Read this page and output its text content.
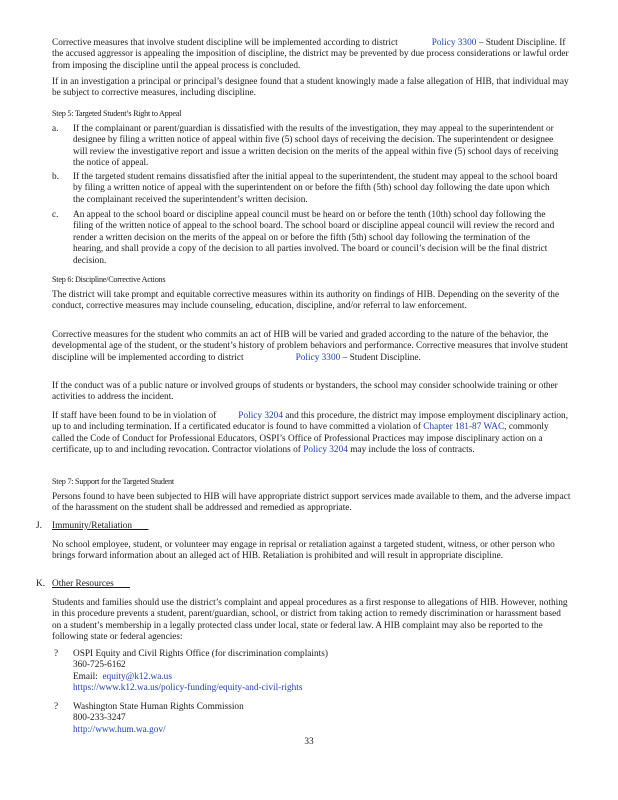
Corrective measures that involve student discipline will be implemented according to district	Policy 3300 – Student Discipline. If the accused aggressor is appealing the imposition of discipline, the district may be prevented by due process considerations or lawful order from imposing the discipline until the appeal process is concluded.

If in an investigation a principal or principal’s designee found that a student knowingly made a false allegation of HIB, that individual may be subject to corrective measures, including discipline.

Step 5: Targeted Student’s Right to Appeal

a. If the complainant or parent/guardian is dissatisfied with the results of the investigation, they may appeal to the superintendent or designee by filing a written notice of appeal within five (5) school days of receiving the decision. The superintendent or designee will review the investigative report and issue a written decision on the merits of the appeal within five (5) school days of receiving the notice of appeal.

b. If the targeted student remains dissatisfied after the initial appeal to the superintendent, the student may appeal to the school board by filing a written notice of appeal with the superintendent on or before the fifth (5th) school day following the date upon which the complainant received the superintendent’s written decision.

c. An appeal to the school board or discipline appeal council must be heard on or before the tenth (10th) school day following the filing of the written notice of appeal to the school board. The school board or discipline appeal council will review the record and render a written decision on the merits of the appeal on or before the fifth (5th) school day following the termination of the hearing, and shall provide a copy of the decision to all parties involved. The board or council’s decision will be the final district decision.

Step 6: Discipline/Corrective Actions

The district will take prompt and equitable corrective measures within its authority on findings of HIB. Depending on the severity of the conduct, corrective measures may include counseling, education, discipline, and/or referral to law enforcement.

Corrective measures for the student who commits an act of HIB will be varied and graded according to the nature of the behavior, the developmental age of the student, or the student’s history of problem behaviors and performance. Corrective measures that involve student discipline will be implemented according to district	Policy 3300 – Student Discipline.

If the conduct was of a public nature or involved groups of students or bystanders, the school may consider schoolwide training or other activities to address the incident.

If staff have been found to be in violation of Policy 3204 and this procedure, the district may impose employment disciplinary action, up to and including termination. If a certificated educator is found to have committed a violation of Chapter 181-87 WAC, commonly called the Code of Conduct for Professional Educators, OSPI’s Office of Professional Practices may impose disciplinary action on a certificate, up to and including revocation. Contractor violations of Policy 3204 may include the loss of contracts.

Step 7: Support for the Targeted Student

Persons found to have been subjected to HIB will have appropriate district support services made available to them, and the adverse impact of the harassment on the student shall be addressed and remedied as appropriate.

J. Immunity/Retaliation

No school employee, student, or volunteer may engage in reprisal or retaliation against a targeted student, witness, or other person who brings forward information about an alleged act of HIB. Retaliation is prohibited and will result in appropriate discipline.

K. Other Resources

Students and families should use the district’s complaint and appeal procedures as a first response to allegations of HIB. However, nothing in this procedure prevents a student, parent/guardian, school, or district from taking action to remedy discrimination or harassment based on a student’s membership in a legally protected class under local, state or federal law. A HIB complaint may also be reported to the following state or federal agencies:

? OSPI Equity and Civil Rights Office (for discrimination complaints)
360-725-6162
Email: equity@k12.wa.us
https://www.k12.wa.us/policy-funding/equity-and-civil-rights
? Washington State Human Rights Commission
800-233-3247
http://www.hum.wa.gov/
33
